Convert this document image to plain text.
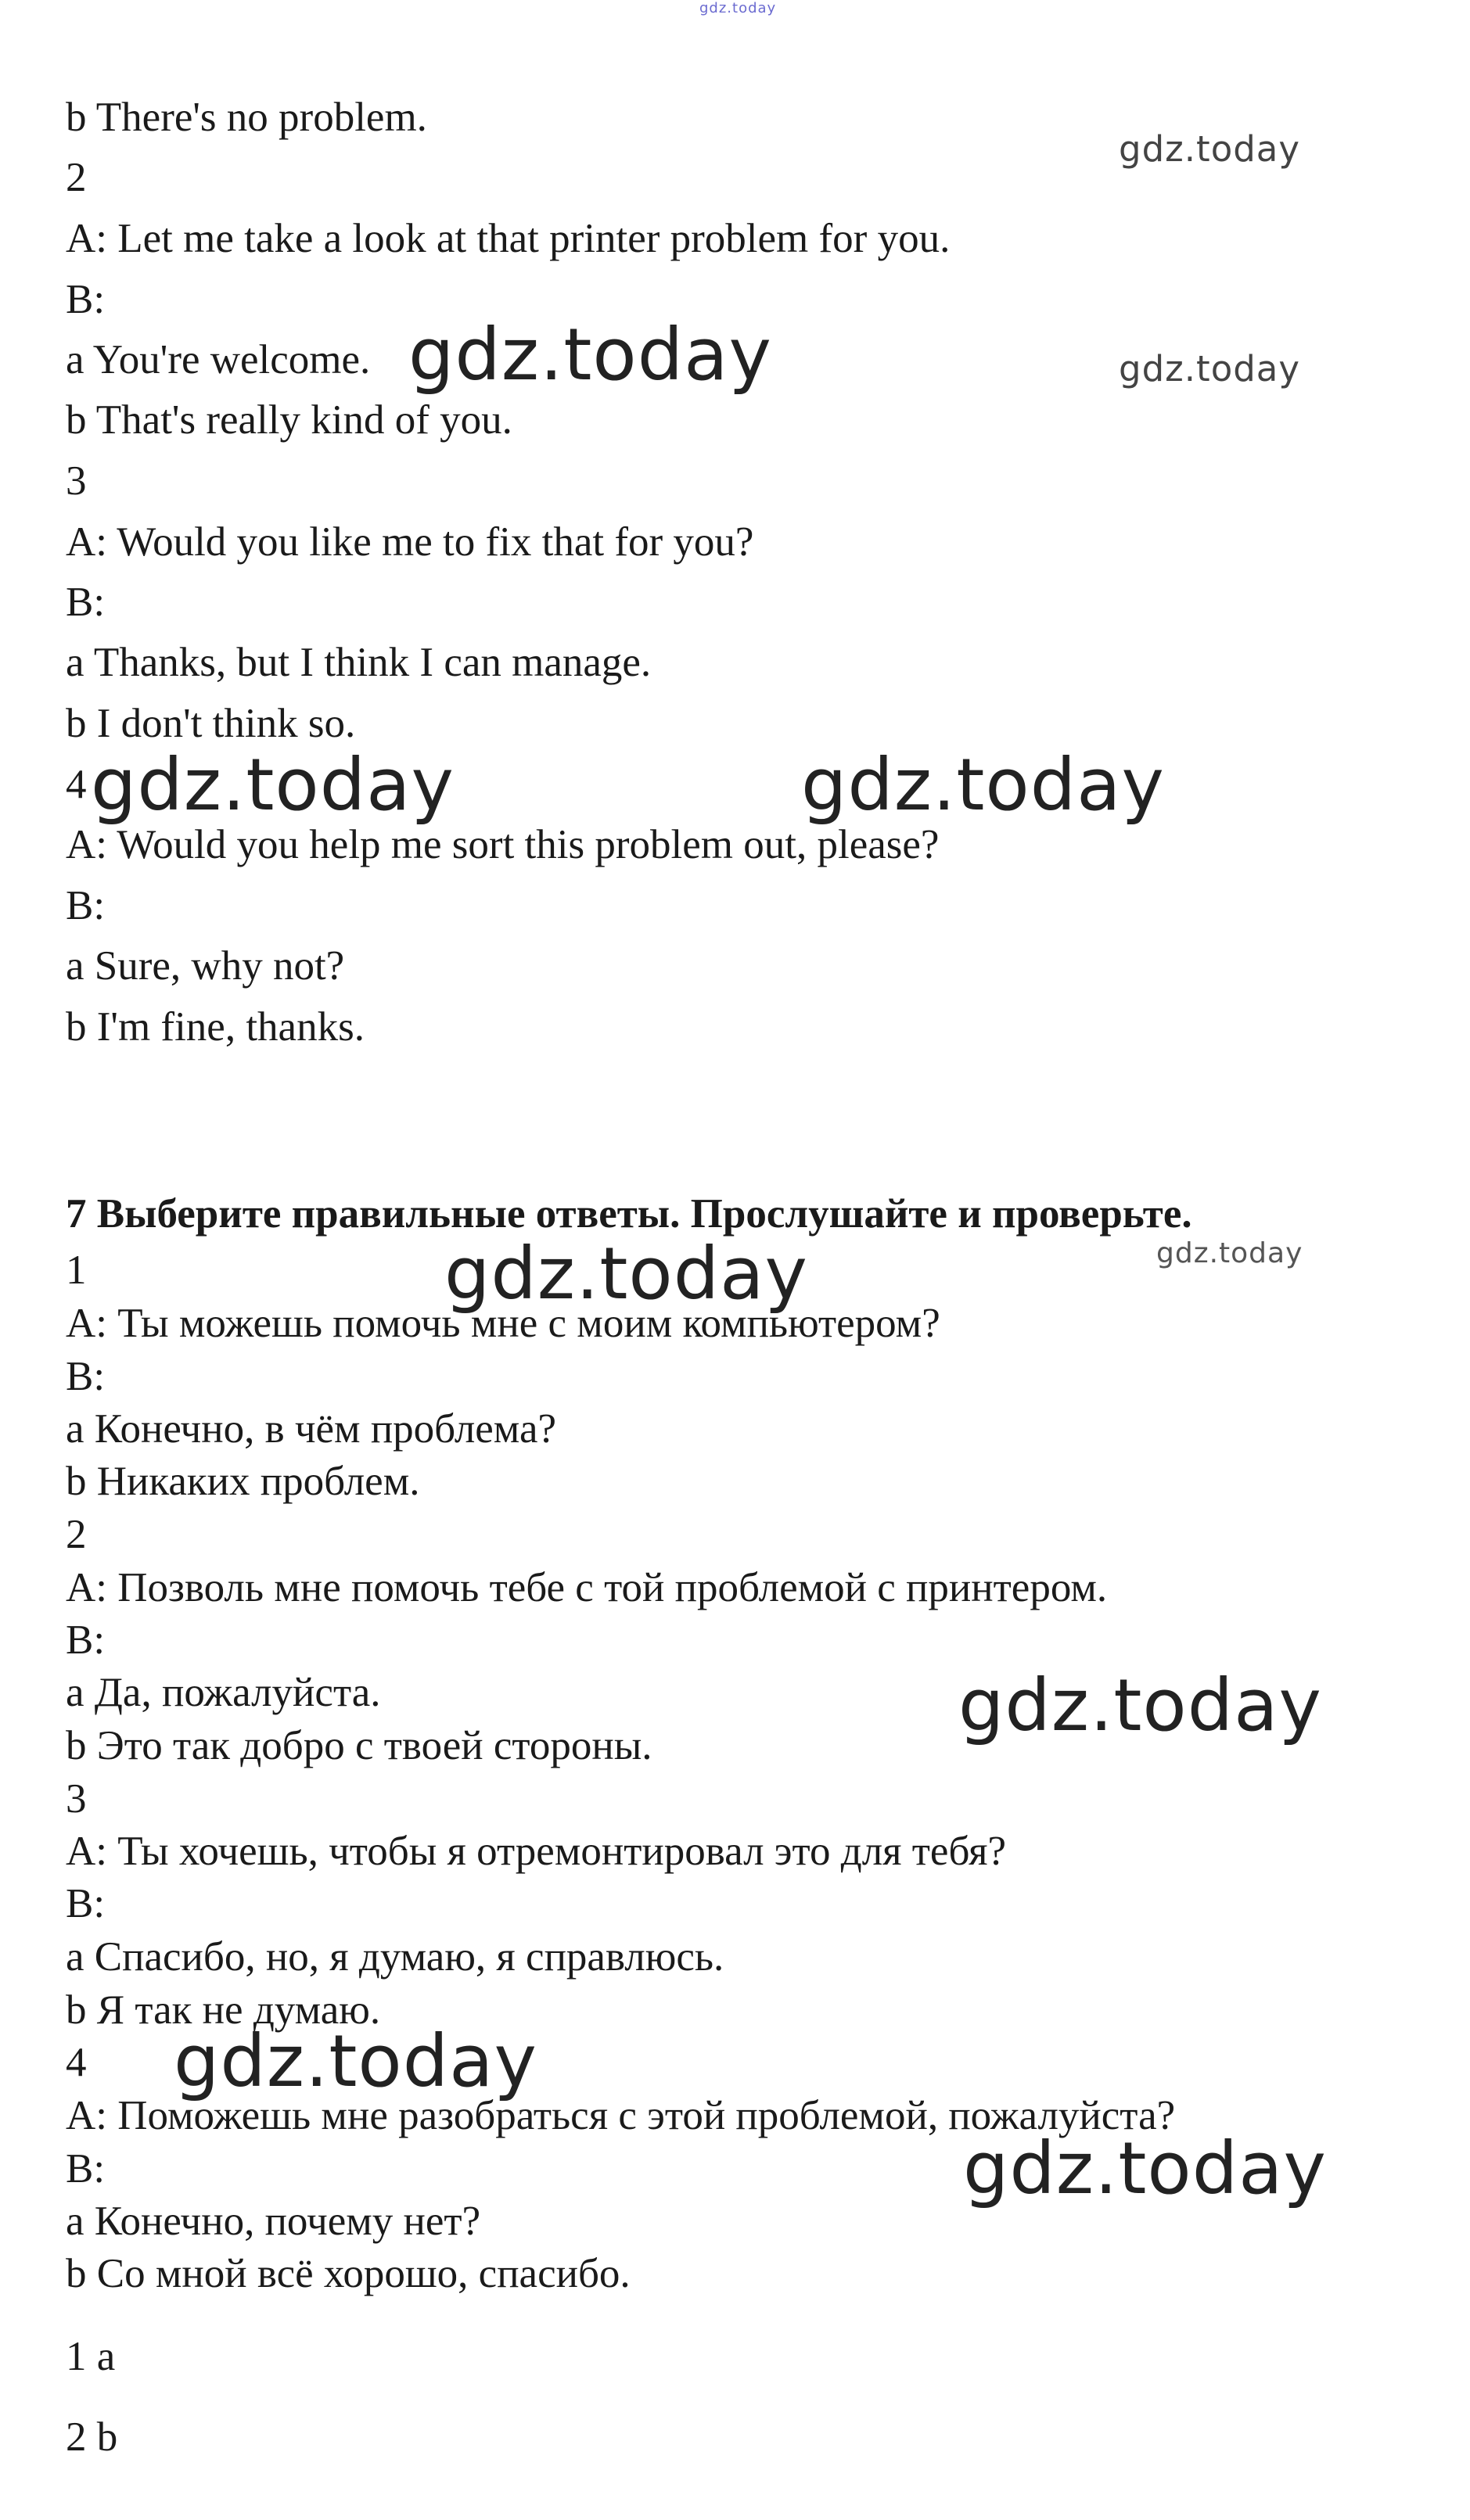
gdz.today
b There's no problem.
2
A: Let me take a look at that printer problem for you.
B:
a You're welcome.
b That's really kind of you.
3
A: Would you like me to fix that for you?
B:
a Thanks, but I think I can manage.
b I don't think so.
4
A: Would you help me sort this problem out, please?
B:
a Sure, why not?
b I'm fine, thanks.
7 Выберите правильные ответы. Прослушайте и проверьте.
1
A: Ты можешь помочь мне с моим компьютером?
B:
a Конечно, в чём проблема?
b Никаких проблем.
2
A: Позволь мне помочь тебе с той проблемой с принтером.
B:
a Да, пожалуйста.
b Это так добро с твоей стороны.
3
A: Ты хочешь, чтобы я отремонтировал это для тебя?
B:
a Спасибо, но, я думаю, я справлюсь.
b Я так не думаю.
4
A: Поможешь мне разобраться с этой проблемой, пожалуйста?
B:
a Конечно, почему нет?
b Со мной всё хорошо, спасибо.
1 a
2 b
gdz.today
gdz.today	gdz.today
gdz.today	gdz.today
gdz.today	gdz.today
gdz.today
gdz.today
gdz.today
